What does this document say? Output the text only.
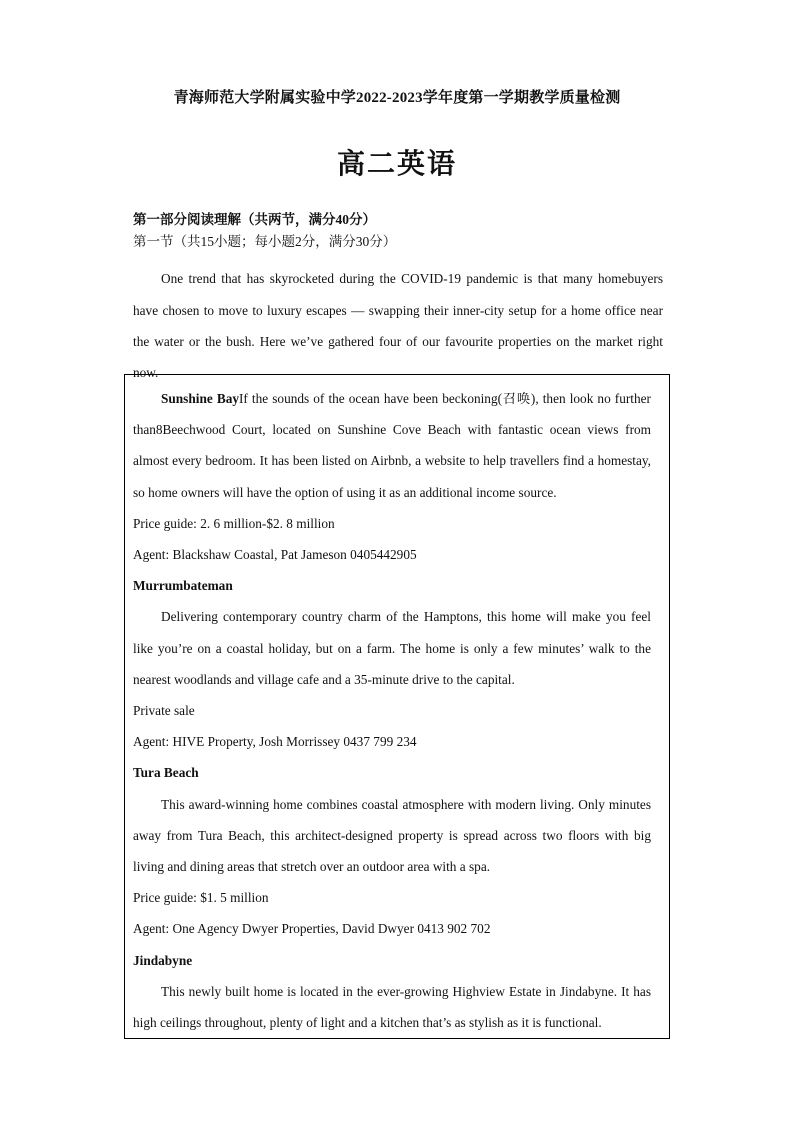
青海师范大学附属实验中学2022-2023学年度第一学期教学质量检测
高二英语
第一部分阅读理解（共两节，满分40分）
第一节（共15小题；每小题2分，满分30分）

One trend that has skyrocketed during the COVID-19 pandemic is that many homebuyers have chosen to move to luxury escapes — swapping their inner-city setup for a home office near the water or the bush. Here we’ve gathered four of our favourite properties on the market right now.

Sunshine BayIf the sounds of the ocean have been beckoning(召唤), then look no further than8Beechwood Court, located on Sunshine Cove Beach with fantastic ocean views from almost every bedroom. It has been listed on Airbnb, a website to help travellers find a homestay, so home owners will have the option of using it as an additional income source.

Price guide: 2. 6 million-$2. 8 million

Agent: Blackshaw Coastal, Pat Jameson 0405442905

Murrumbateman

Delivering contemporary country charm of the Hamptons, this home will make you feel like you’re on a coastal holiday, but on a farm. The home is only a few minutes’ walk to the nearest woodlands and village cafe and a 35-minute drive to the capital.

Private sale

Agent: HIVE Property, Josh Morrissey 0437 799 234

Tura Beach

This award-winning home combines coastal atmosphere with modern living. Only minutes away from Tura Beach, this architect-designed property is spread across two floors with big living and dining areas that stretch over an outdoor area with a spa.

Price guide: $1. 5 million

Agent: One Agency Dwyer Properties, David Dwyer 0413 902 702

Jindabyne

This newly built home is located in the ever-growing Highview Estate in Jindabyne. It has high ceilings throughout, plenty of light and a kitchen that’s as stylish as it is functional.
